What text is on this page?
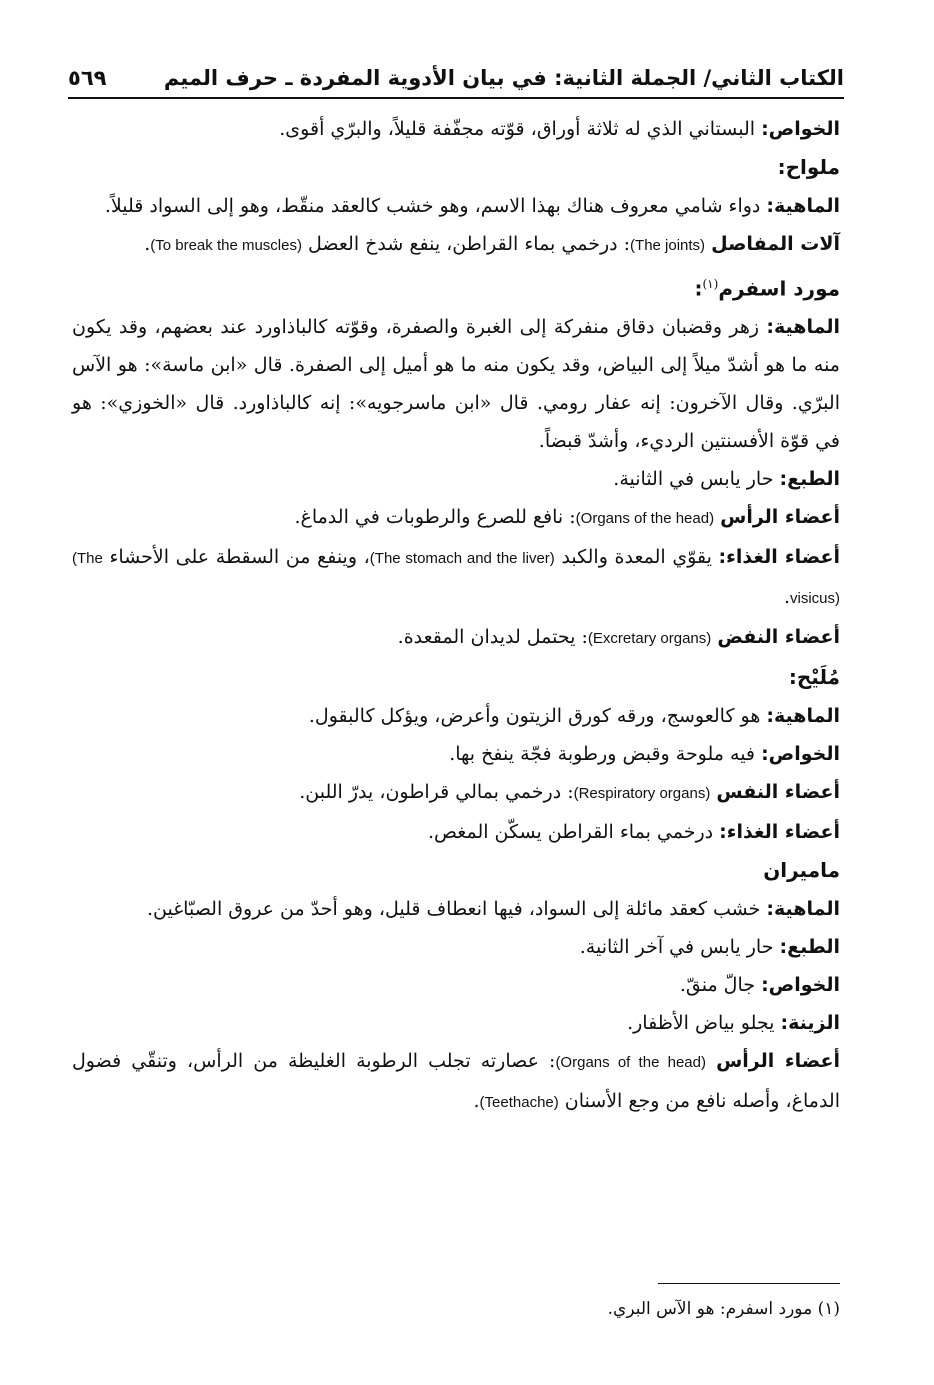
الكتاب الثاني/ الجملة الثانية: في بيان الأدوية المفردة ـ حرف الميم
٥٦٩

الخواص: البستاني الذي له ثلاثة أوراق، قوّته مجفّفة قليلاً، والبرّي أقوى.

ملواح:

الماهية: دواء شامي معروف هناك بهذا الاسم، وهو خشب كالعقد منقّط، وهو إلى السواد قليلاً.

آلات المفاصل (The joints): درخمي بماء القراطن، ينفع شدخ العضل (To break the muscles).

مورد اسفرم$^{(١)}$:

الماهية: زهر وقضبان دقاق منفركة إلى الغبرة والصفرة، وقوّته كالباذاورد عند بعضهم، وقد يكون منه ما هو أشدّ ميلاً إلى البياض، وقد يكون منه ما هو أميل إلى الصفرة. قال «ابن ماسة»: هو الآس البرّي. وقال الآخرون: إنه عفار رومي. قال «ابن ماسرجويه»: إنه كالباذاورد. قال «الخوزي»: هو في قوّة الأفسنتين الرديء، وأشدّ قبضاً.

الطبع: حار يابس في الثانية.

أعضاء الرأس (Organs of the head): نافع للصرع والرطوبات في الدماغ.

أعضاء الغذاء: يقوّي المعدة والكبد (The stomach and the liver)، وينفع من السقطة على الأحشاء (The visicus).

أعضاء النفض (Excretary organs): يحتمل لديدان المقعدة.

مُلَيْح:

الماهية: هو كالعوسج، ورقه كورق الزيتون وأعرض، ويؤكل كالبقول.

الخواص: فيه ملوحة وقبض ورطوبة فجّة ينفخ بها.

أعضاء النفس (Respiratory organs): درخمي بمالي قراطون، يدرّ اللبن.

أعضاء الغذاء: درخمي بماء القراطن يسكّن المغص.

ماميران

الماهية: خشب كعقد مائلة إلى السواد، فيها انعطاف قليل، وهو أحدّ من عروق الصبّاغين.

الطبع: حار يابس في آخر الثانية.

الخواص: جالّ منقّ.

الزينة: يجلو بياض الأظفار.

أعضاء الرأس (Organs of the head): عصارته تجلب الرطوبة الغليظة من الرأس، وتنقّي فضول الدماغ، وأصله نافع من وجع الأسنان (Teethache).

(١) مورد اسفرم: هو الآس البري.
